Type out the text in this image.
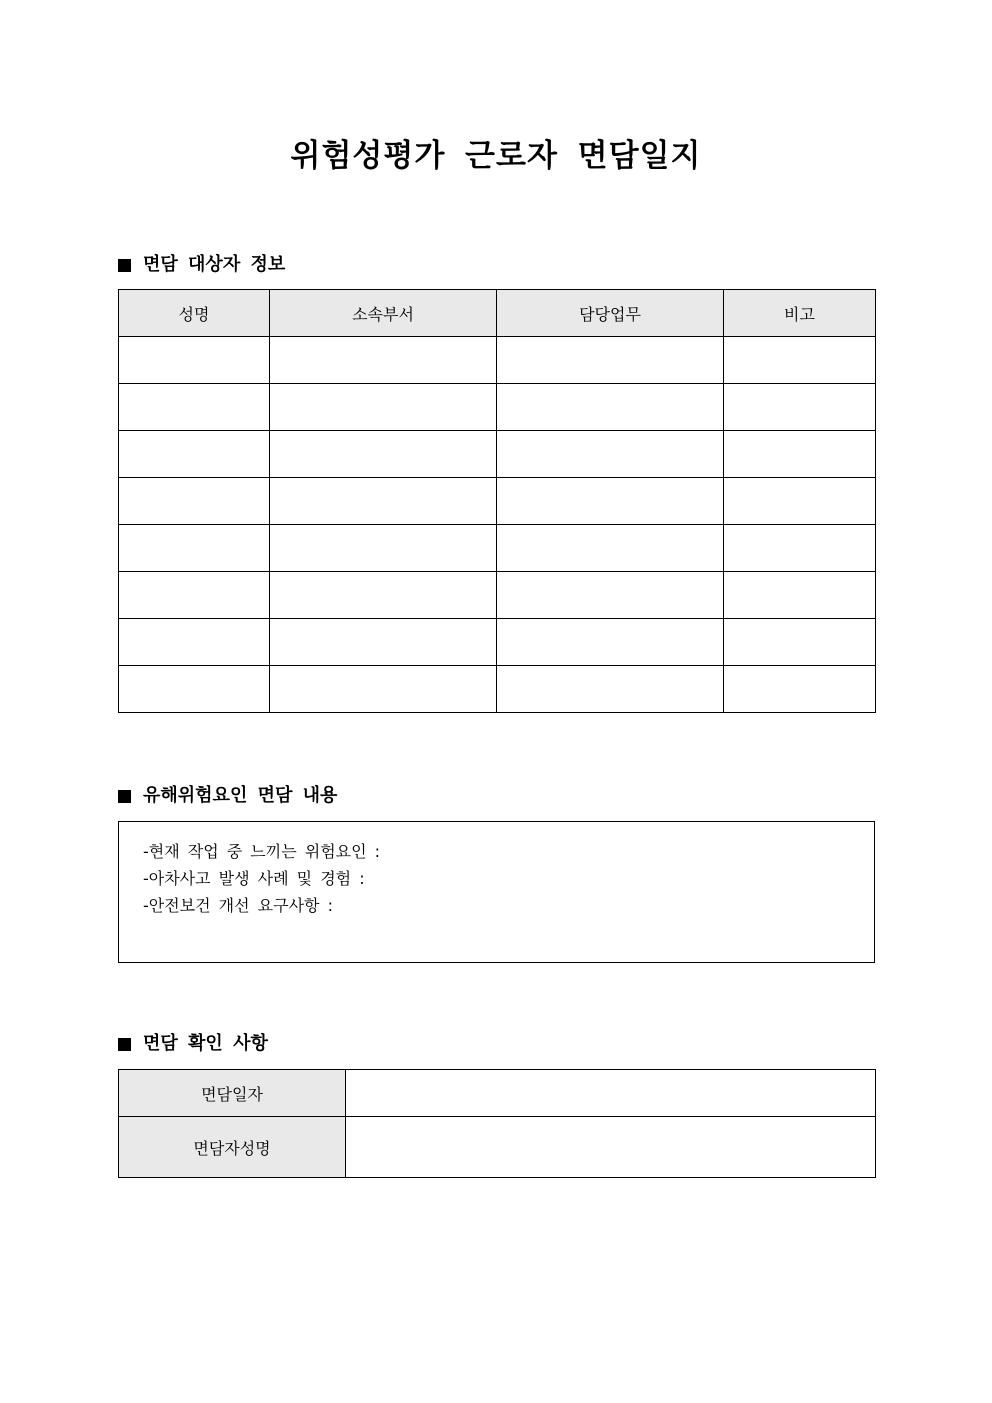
위험성평가 근로자 면담일지
면담 대상자 정보
성명	소속부서	담당업무	비고

유해위험요인 면담 내용
-현재 작업 중 느끼는 위험요인 :
-아차사고 발생 사례 및 경험 :
-안전보건 개선 요구사항 :
면담 확인 사항
면담일자	
면담자성명	
